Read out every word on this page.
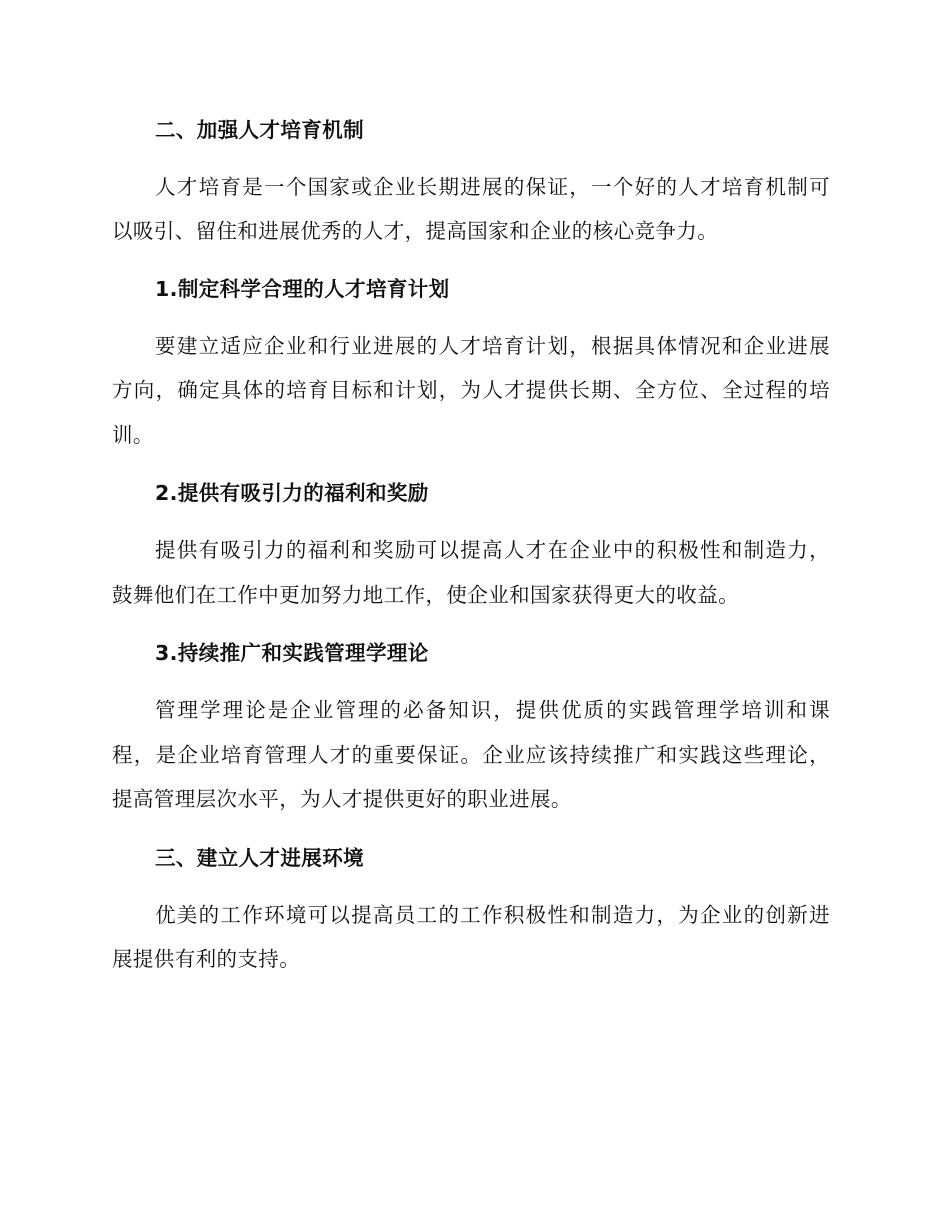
二、加强人才培育机制
人才培育是一个国家或企业长期进展的保证，一个好的人才培育机制可
以吸引、留住和进展优秀的人才，提高国家和企业的核心竞争力。
1.制定科学合理的人才培育计划
要建立适应企业和行业进展的人才培育计划，根据具体情况和企业进展
方向，确定具体的培育目标和计划，为人才提供长期、全方位、全过程的培
训。
2.提供有吸引力的福利和奖励
提供有吸引力的福利和奖励可以提高人才在企业中的积极性和制造力，
鼓舞他们在工作中更加努力地工作，使企业和国家获得更大的收益。
3.持续推广和实践管理学理论
管理学理论是企业管理的必备知识，提供优质的实践管理学培训和课
程，是企业培育管理人才的重要保证。企业应该持续推广和实践这些理论，
提高管理层次水平，为人才提供更好的职业进展。
三、建立人才进展环境
优美的工作环境可以提高员工的工作积极性和制造力，为企业的创新进
展提供有利的支持。
